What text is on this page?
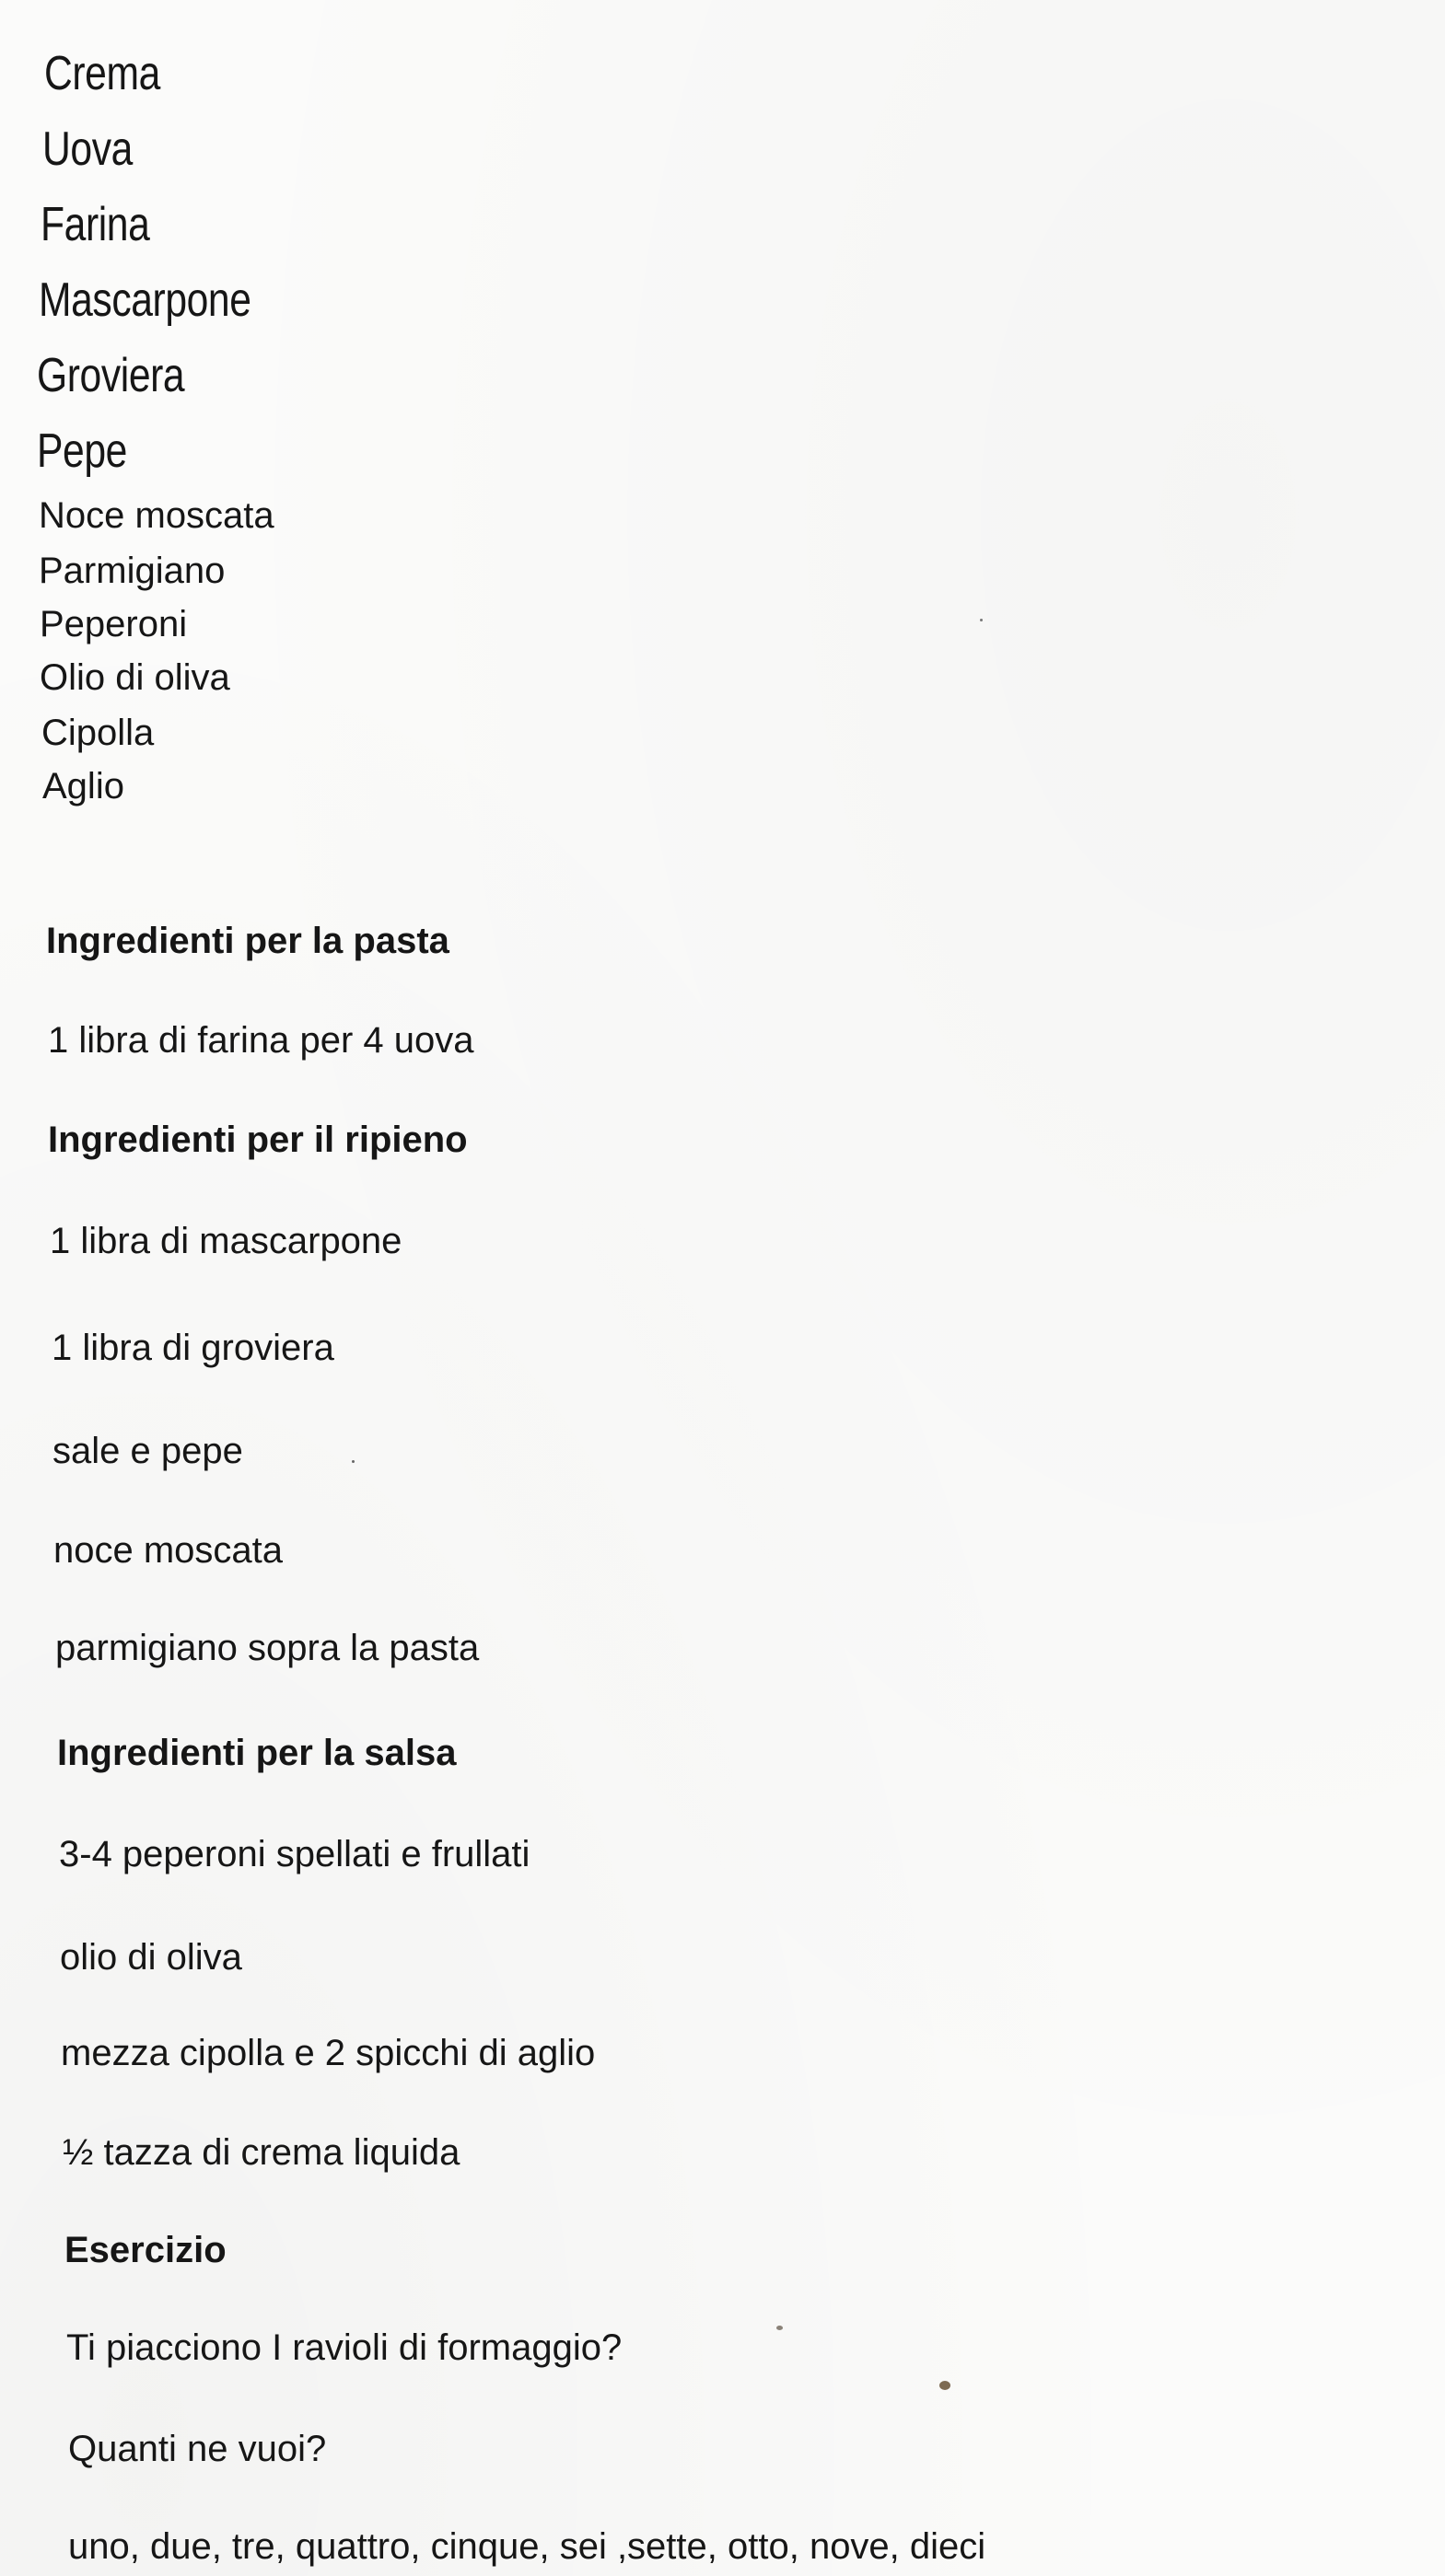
Crema
Uova
Farina
Mascarpone
Groviera
Pepe
Noce moscata
Parmigiano
Peperoni
Olio di oliva
Cipolla
Aglio
Ingredienti per la pasta
1 libra di farina per 4 uova
Ingredienti per il ripieno
1 libra di mascarpone
1 libra di groviera
sale e pepe
noce moscata
parmigiano sopra la pasta
Ingredienti per la salsa
3-4 peperoni spellati e frullati
olio di oliva
mezza cipolla e 2 spicchi di aglio
½ tazza di crema liquida
Esercizio
Ti piacciono I ravioli di formaggio?
Quanti ne vuoi?
uno, due, tre, quattro, cinque, sei ,sette, otto, nove, dieci
